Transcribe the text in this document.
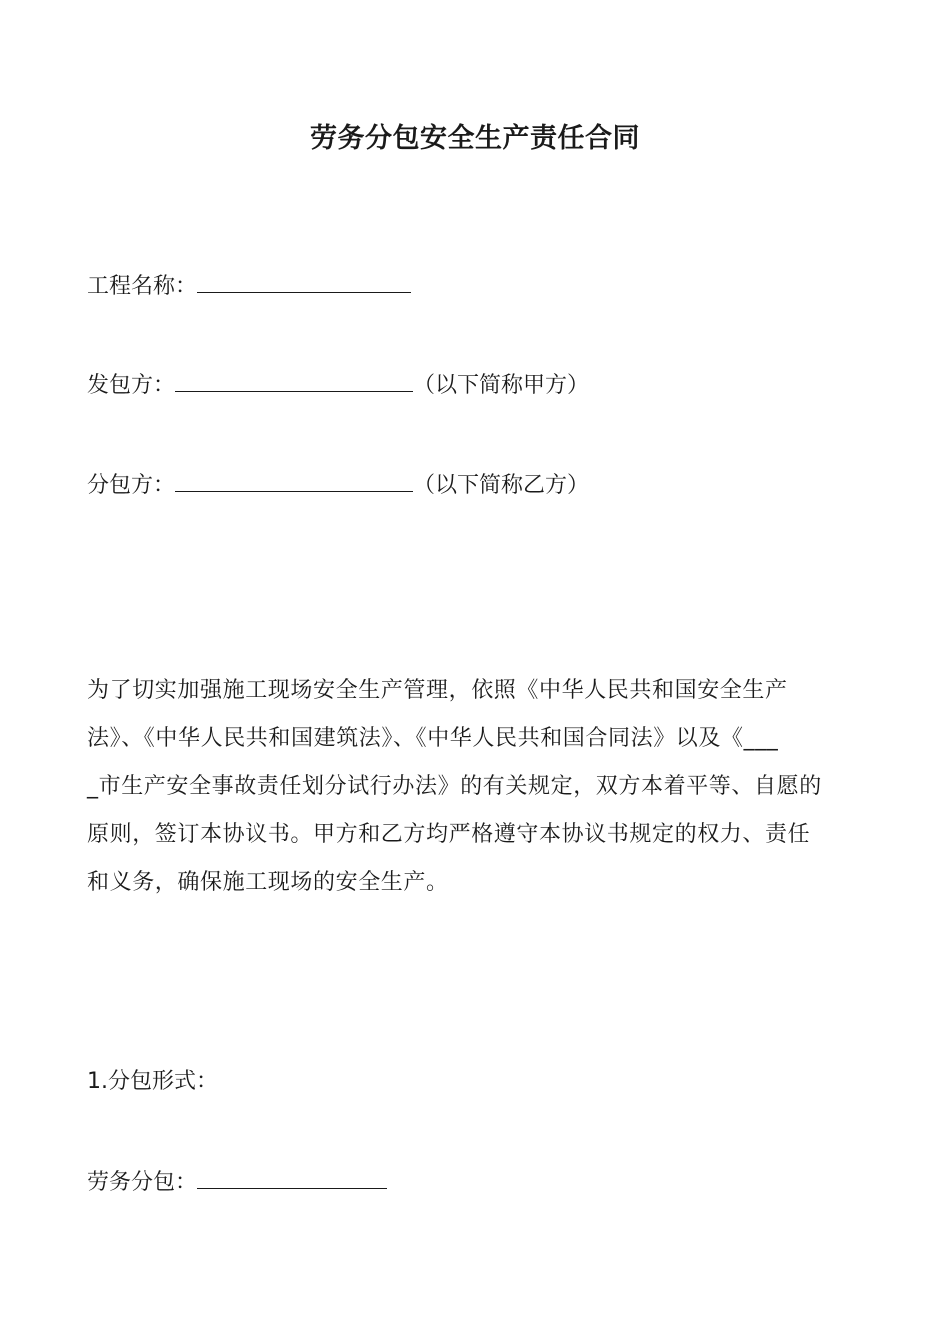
劳务分包安全生产责任合同
工程名称：
发包方：	（以下简称甲方）
分包方：	（以下简称乙方）
为了切实加强施工现场安全生产管理，依照《中华人民共和国安全生产
法》、《中华人民共和国建筑法》、《中华人民共和国合同法》以及《___
_市生产安全事故责任划分试行办法》的有关规定，双方本着平等、自愿的
原则，签订本协议书。甲方和乙方均严格遵守本协议书规定的权力、责任
和义务，确保施工现场的安全生产。
1.分包形式：
劳务分包：
